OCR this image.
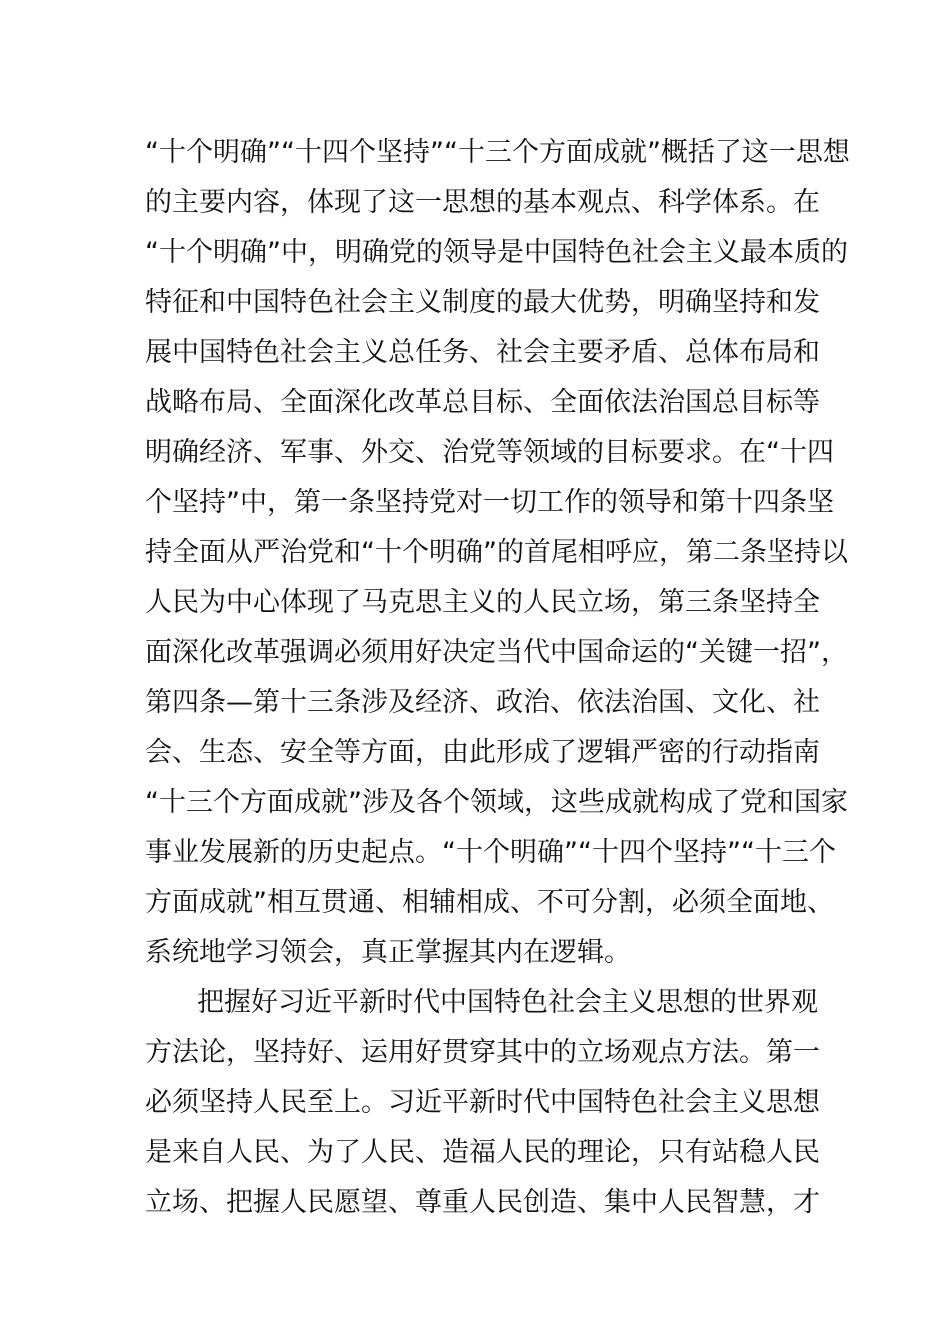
“十个明确”“十四个坚持”“十三个方面成就”概括了这一思想
的主要内容，体现了这一思想的基本观点、科学体系。在
“十个明确”中，明确党的领导是中国特色社会主义最本质的
特征和中国特色社会主义制度的最大优势，明确坚持和发
展中国特色社会主义总任务、社会主要矛盾、总体布局和
战略布局、全面深化改革总目标、全面依法治国总目标等
明确经济、军事、外交、治党等领域的目标要求。在“十四
个坚持”中，第一条坚持党对一切工作的领导和第十四条坚
持全面从严治党和“十个明确”的首尾相呼应，第二条坚持以
人民为中心体现了马克思主义的人民立场，第三条坚持全
面深化改革强调必须用好决定当代中国命运的“关键一招”，
第四条—第十三条涉及经济、政治、依法治国、文化、社
会、生态、安全等方面，由此形成了逻辑严密的行动指南
“十三个方面成就”涉及各个领域，这些成就构成了党和国家
事业发展新的历史起点。“十个明确”“十四个坚持”“十三个
方面成就”相互贯通、相辅相成、不可分割，必须全面地、
系统地学习领会，真正掌握其内在逻辑。
把握好习近平新时代中国特色社会主义思想的世界观
方法论，坚持好、运用好贯穿其中的立场观点方法。第一
必须坚持人民至上。习近平新时代中国特色社会主义思想
是来自人民、为了人民、造福人民的理论，只有站稳人民
立场、把握人民愿望、尊重人民创造、集中人民智慧，才
